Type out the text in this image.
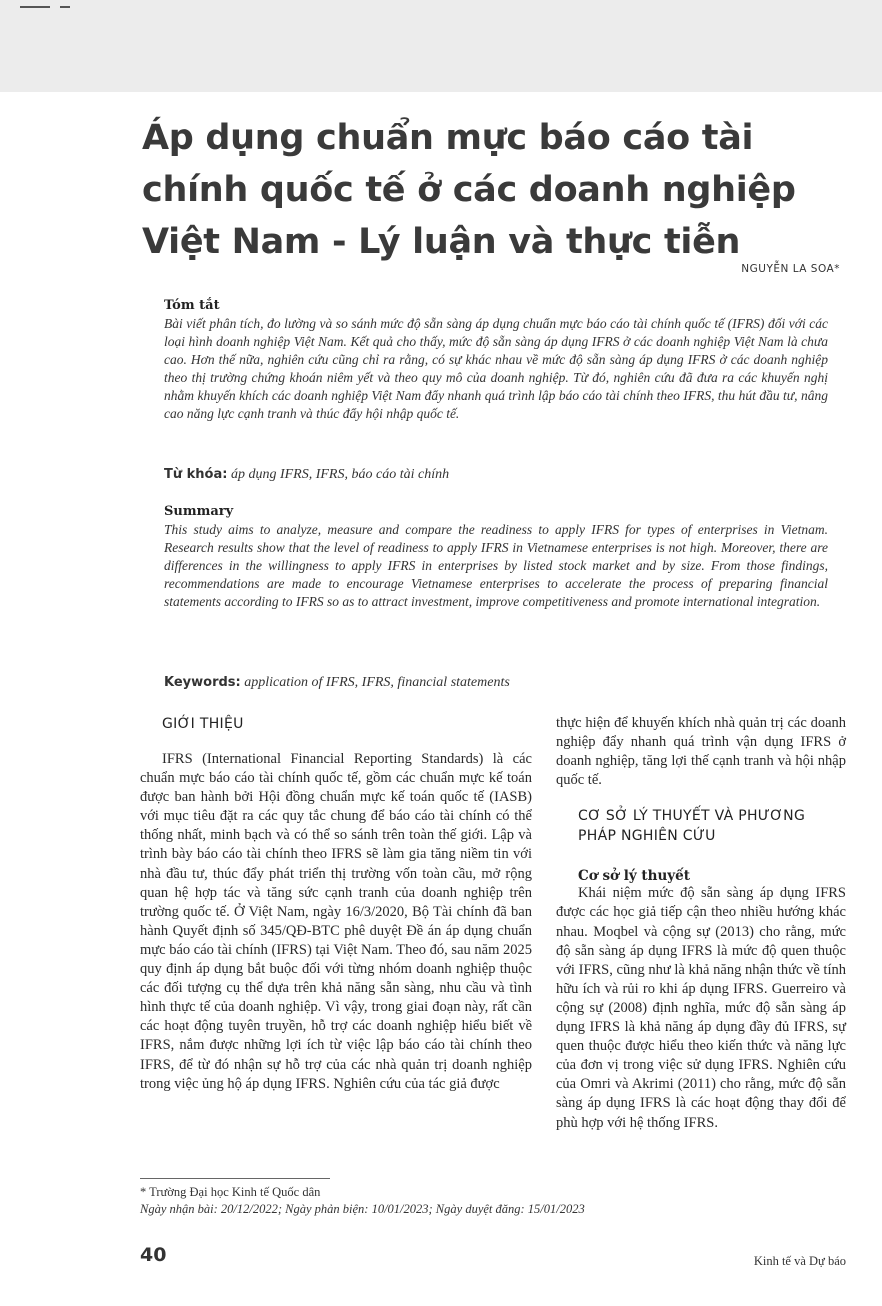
Áp dụng chuẩn mực báo cáo tài chính quốc tế ở các doanh nghiệp Việt Nam - Lý luận và thực tiễn
NGUYỄN LA SOA*

Tóm tắt

Bài viết phân tích, đo lường và so sánh mức độ sẵn sàng áp dụng chuẩn mực báo cáo tài chính quốc tế (IFRS) đối với các loại hình doanh nghiệp Việt Nam. Kết quả cho thấy, mức độ sẵn sàng áp dụng IFRS ở các doanh nghiệp Việt Nam là chưa cao. Hơn thế nữa, nghiên cứu cũng chỉ ra rằng, có sự khác nhau về mức độ sẵn sàng áp dụng IFRS ở các doanh nghiệp theo thị trường chứng khoán niêm yết và theo quy mô của doanh nghiệp. Từ đó, nghiên cứu đã đưa ra các khuyến nghị nhằm khuyến khích các doanh nghiệp Việt Nam đẩy nhanh quá trình lập báo cáo tài chính theo IFRS, thu hút đầu tư, nâng cao năng lực cạnh tranh và thúc đẩy hội nhập quốc tế.

Từ khóa: áp dụng IFRS, IFRS, báo cáo tài chính

Summary

This study aims to analyze, measure and compare the readiness to apply IFRS for types of enterprises in Vietnam. Research results show that the level of readiness to apply IFRS in Vietnamese enterprises is not high. Moreover, there are differences in the willingness to apply IFRS in enterprises by listed stock market and by size. From those findings, recommendations are made to encourage Vietnamese enterprises to accelerate the process of preparing financial statements according to IFRS so as to attract investment, improve competitiveness and promote international integration.

Keywords: application of IFRS, IFRS, financial statements

GIỚI THIỆU

IFRS (International Financial Reporting Standards) là các chuẩn mực báo cáo tài chính quốc tế, gồm các chuẩn mực kế toán được ban hành bởi Hội đồng chuẩn mực kế toán quốc tế (IASB) với mục tiêu đặt ra các quy tắc chung để báo cáo tài chính có thể thống nhất, minh bạch và có thể so sánh trên toàn thế giới. Lập và trình bày báo cáo tài chính theo IFRS sẽ làm gia tăng niềm tin với nhà đầu tư, thúc đẩy phát triển thị trường vốn toàn cầu, mở rộng quan hệ hợp tác và tăng sức cạnh tranh của doanh nghiệp trên trường quốc tế. Ở Việt Nam, ngày 16/3/2020, Bộ Tài chính đã ban hành Quyết định số 345/QĐ-BTC phê duyệt Đề án áp dụng chuẩn mực báo cáo tài chính (IFRS) tại Việt Nam. Theo đó, sau năm 2025 quy định áp dụng bắt buộc đối với từng nhóm doanh nghiệp thuộc các đối tượng cụ thể dựa trên khả năng sẵn sàng, nhu cầu và tình hình thực tế của doanh nghiệp. Vì vậy, trong giai đoạn này, rất cần các hoạt động tuyên truyền, hỗ trợ các doanh nghiệp hiểu biết về IFRS, nắm được những lợi ích từ việc lập báo cáo tài chính theo IFRS, để từ đó nhận sự hỗ trợ của các nhà quản trị doanh nghiệp trong việc ủng hộ áp dụng IFRS. Nghiên cứu của tác giả được

thực hiện để khuyến khích nhà quản trị các doanh nghiệp đẩy nhanh quá trình vận dụng IFRS ở doanh nghiệp, tăng lợi thế cạnh tranh và hội nhập quốc tế.

CƠ SỞ LÝ THUYẾT VÀ PHƯƠNG PHÁP NGHIÊN CỨU

Cơ sở lý thuyết

Khái niệm mức độ sẵn sàng áp dụng IFRS được các học giả tiếp cận theo nhiều hướng khác nhau. Moqbel và cộng sự (2013) cho rằng, mức độ sẵn sàng áp dụng IFRS là mức độ quen thuộc với IFRS, cũng như là khả năng nhận thức về tính hữu ích và rủi ro khi áp dụng IFRS. Guerreiro và cộng sự (2008) định nghĩa, mức độ sẵn sàng áp dụng IFRS là khả năng áp dụng đầy đủ IFRS, sự quen thuộc được hiểu theo kiến thức và năng lực của đơn vị trong việc sử dụng IFRS. Nghiên cứu của Omri và Akrimi (2011) cho rằng, mức độ sẵn sàng áp dụng IFRS là các hoạt động thay đổi để phù hợp với hệ thống IFRS.

* Trường Đại học Kinh tế Quốc dân
Ngày nhận bài: 20/12/2022; Ngày phản biện: 10/01/2023; Ngày duyệt đăng: 15/01/2023
40	Kinh tế và Dự báo
